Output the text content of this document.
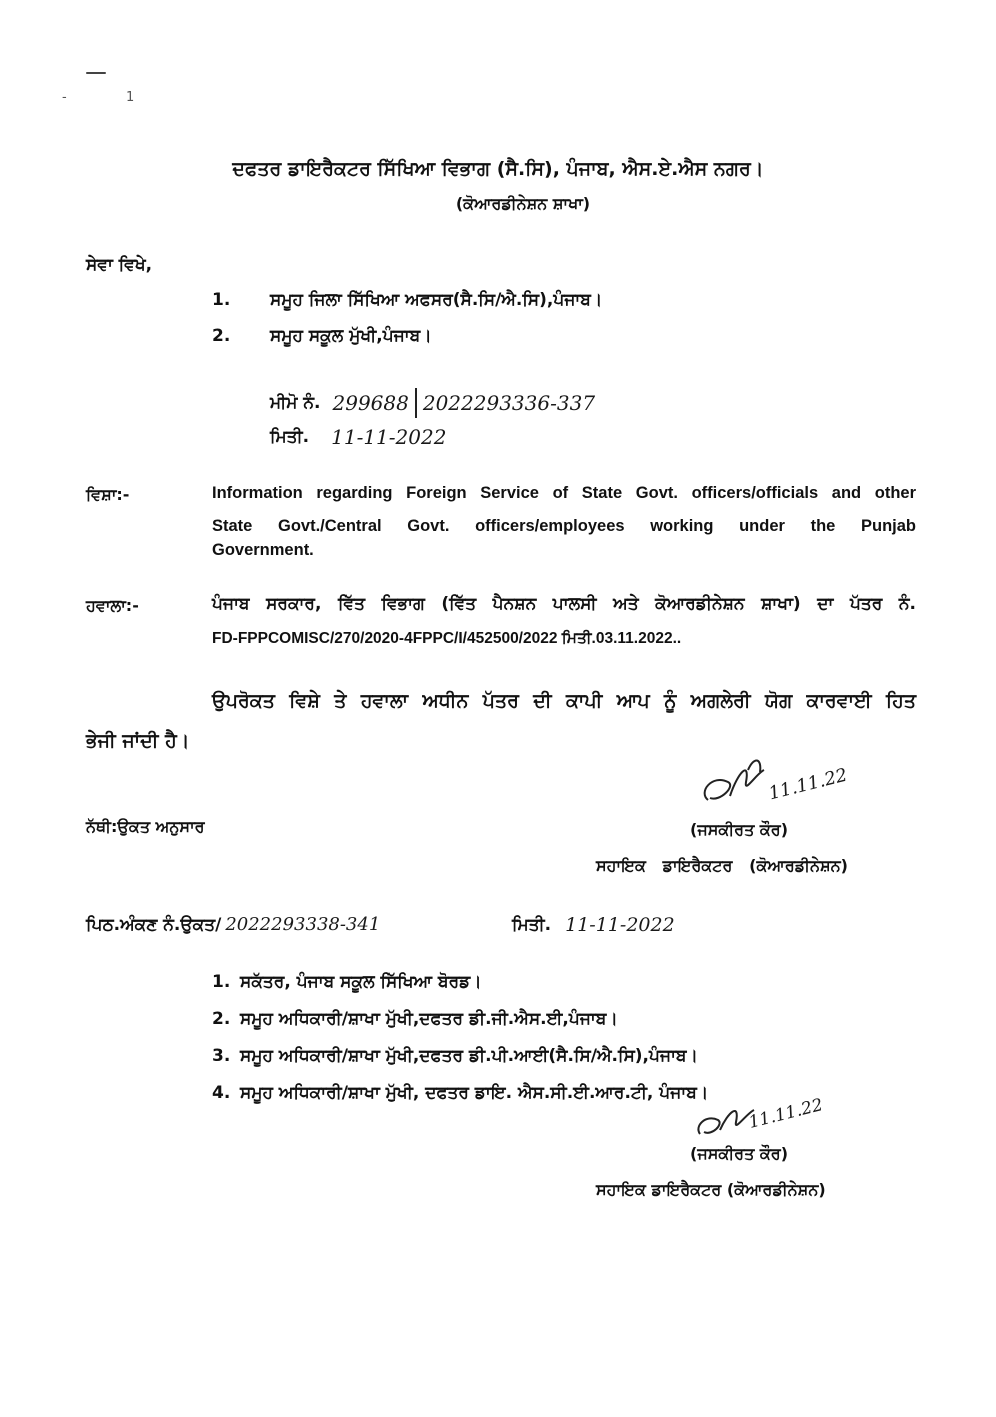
-	1
ਦਫਤਰ ਡਾਇਰੈਕਟਰ ਸਿੱਖਿਆ ਵਿਭਾਗ (ਸੈ.ਸਿ), ਪੰਜਾਬ, ਐਸ.ਏ.ਐਸ ਨਗਰ।
(ਕੋਆਰਡੀਨੇਸ਼ਨ ਸ਼ਾਖਾ)
ਸੇਵਾ ਵਿਖੇ,
1.	ਸਮੂਹ ਜਿਲਾ ਸਿੱਖਿਆ ਅਫਸਰ(ਸੈ.ਸਿ/ਐ.ਸਿ),ਪੰਜਾਬ।
2.	ਸਮੂਹ ਸਕੂਲ ਮੁੱਖੀ,ਪੰਜਾਬ।
ਮੀਮੋ ਨੰ. 299688 2022293336-337
ਮਿਤੀ. 11-11-2022
ਵਿਸ਼ਾ:-	Information regarding Foreign Service of State Govt. officers/officials and other
State Govt./Central Govt. officers/employees working under the Punjab
Government.
ਹਵਾਲਾ:-	ਪੰਜਾਬ ਸਰਕਾਰ, ਵਿੱਤ ਵਿਭਾਗ (ਵਿੱਤ ਪੈਨਸ਼ਨ ਪਾਲਸੀ ਅਤੇ ਕੋਆਰਡੀਨੇਸ਼ਨ ਸ਼ਾਖਾ) ਦਾ ਪੱਤਰ ਨੰ.
FD-FPPCOMISC/270/2020-4FPPC/I/452500/2022 ਮਿਤੀ.03.11.2022..
ਉਪਰੋਕਤ ਵਿਸ਼ੇ ਤੇ ਹਵਾਲਾ ਅਧੀਨ ਪੱਤਰ ਦੀ ਕਾਪੀ ਆਪ ਨੂੰ ਅਗਲੇਰੀ ਯੋਗ ਕਾਰਵਾਈ ਹਿਤ
ਭੇਜੀ ਜਾਂਦੀ ਹੈ।
11.11.22
ਨੱਥੀ:ਉਕਤ ਅਨੁਸਾਰ	(ਜਸਕੀਰਤ ਕੌਰ)
ਸਹਾਇਕ   ਡਾਇਰੈਕਟਰ   (ਕੋਆਰਡੀਨੇਸ਼ਨ)
ਪਿਠ.ਅੰਕਣ ਨੰ.ਉਕਤ/ 2022293338-341	ਮਿਤੀ. 11-11-2022
1. ਸਕੱਤਰ, ਪੰਜਾਬ ਸਕੂਲ ਸਿੱਖਿਆ ਬੋਰਡ।
2. ਸਮੂਹ ਅਧਿਕਾਰੀ/ਸ਼ਾਖਾ ਮੁੱਖੀ,ਦਫਤਰ ਡੀ.ਜੀ.ਐਸ.ਈ,ਪੰਜਾਬ।
3. ਸਮੂਹ ਅਧਿਕਾਰੀ/ਸ਼ਾਖਾ ਮੁੱਖੀ,ਦਫਤਰ ਡੀ.ਪੀ.ਆਈ(ਸੈ.ਸਿ/ਐ.ਸਿ),ਪੰਜਾਬ।
4. ਸਮੂਹ ਅਧਿਕਾਰੀ/ਸ਼ਾਖਾ ਮੁੱਖੀ, ਦਫਤਰ ਡਾਇ. ਐਸ.ਸੀ.ਈ.ਆਰ.ਟੀ, ਪੰਜਾਬ।
11.11.22
(ਜਸਕੀਰਤ ਕੌਰ)
ਸਹਾਇਕ ਡਾਇਰੈਕਟਰ (ਕੋਆਰਡੀਨੇਸ਼ਨ)
